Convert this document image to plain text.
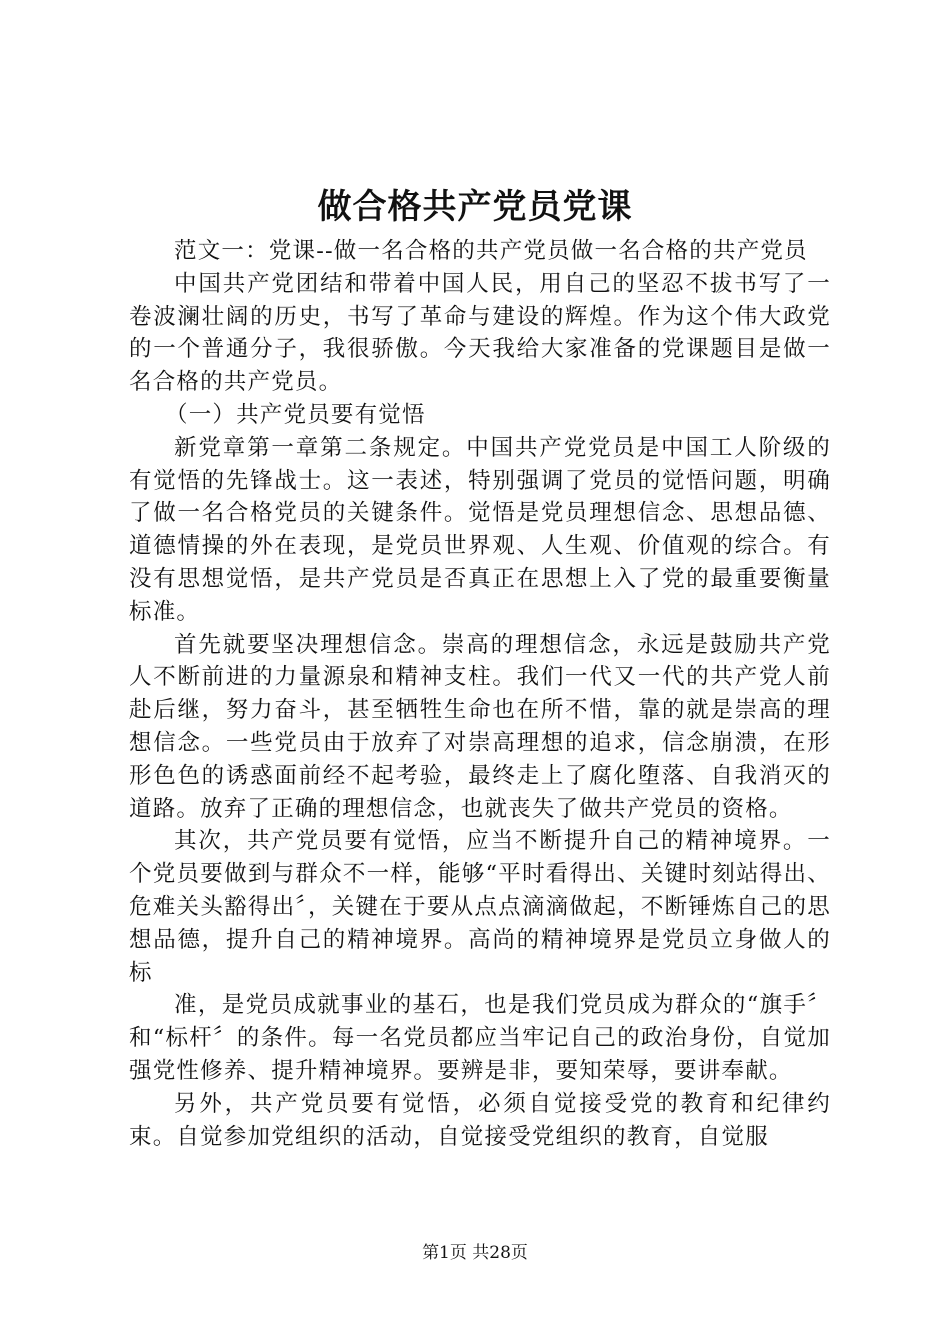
做合格共产党员党课

范文一：党课--做一名合格的共产党员做一名合格的共产党员

中国共产党团结和带着中国人民，用自己的坚忍不拔书写了一卷波澜壮阔的历史，书写了革命与建设的辉煌。作为这个伟大政党的一个普通分子，我很骄傲。今天我给大家准备的党课题目是做一名合格的共产党员。

（一）共产党员要有觉悟

新党章第一章第二条规定。中国共产党党员是中国工人阶级的有觉悟的先锋战士。这一表述，特别强调了党员的觉悟问题，明确了做一名合格党员的关键条件。觉悟是党员理想信念、思想品德、道德情操的外在表现，是党员世界观、人生观、价值观的综合。有没有思想觉悟，是共产党员是否真正在思想上入了党的最重要衡量标准。

首先就要坚决理想信念。崇高的理想信念，永远是鼓励共产党人不断前进的力量源泉和精神支柱。我们一代又一代的共产党人前赴后继，努力奋斗，甚至牺牲生命也在所不惜，靠的就是崇高的理想信念。一些党员由于放弃了对崇高理想的追求，信念崩溃，在形形色色的诱惑面前经不起考验，最终走上了腐化堕落、自我消灭的道路。放弃了正确的理想信念，也就丧失了做共产党员的资格。

其次，共产党员要有觉悟，应当不断提升自己的精神境界。一个党员要做到与群众不一样，能够“平时看得出、关键时刻站得出、危难关头豁得出〞，关键在于要从点点滴滴做起，不断锤炼自己的思想品德，提升自己的精神境界。高尚的精神境界是党员立身做人的标

准，是党员成就事业的基石，也是我们党员成为群众的“旗手〞和“标杆〞的条件。每一名党员都应当牢记自己的政治身份，自觉加强党性修养、提升精神境界。要辨是非，要知荣辱，要讲奉献。

另外，共产党员要有觉悟，必须自觉接受党的教育和纪律约束。自觉参加党组织的活动，自觉接受党组织的教育，自觉服

第1页 共28页
